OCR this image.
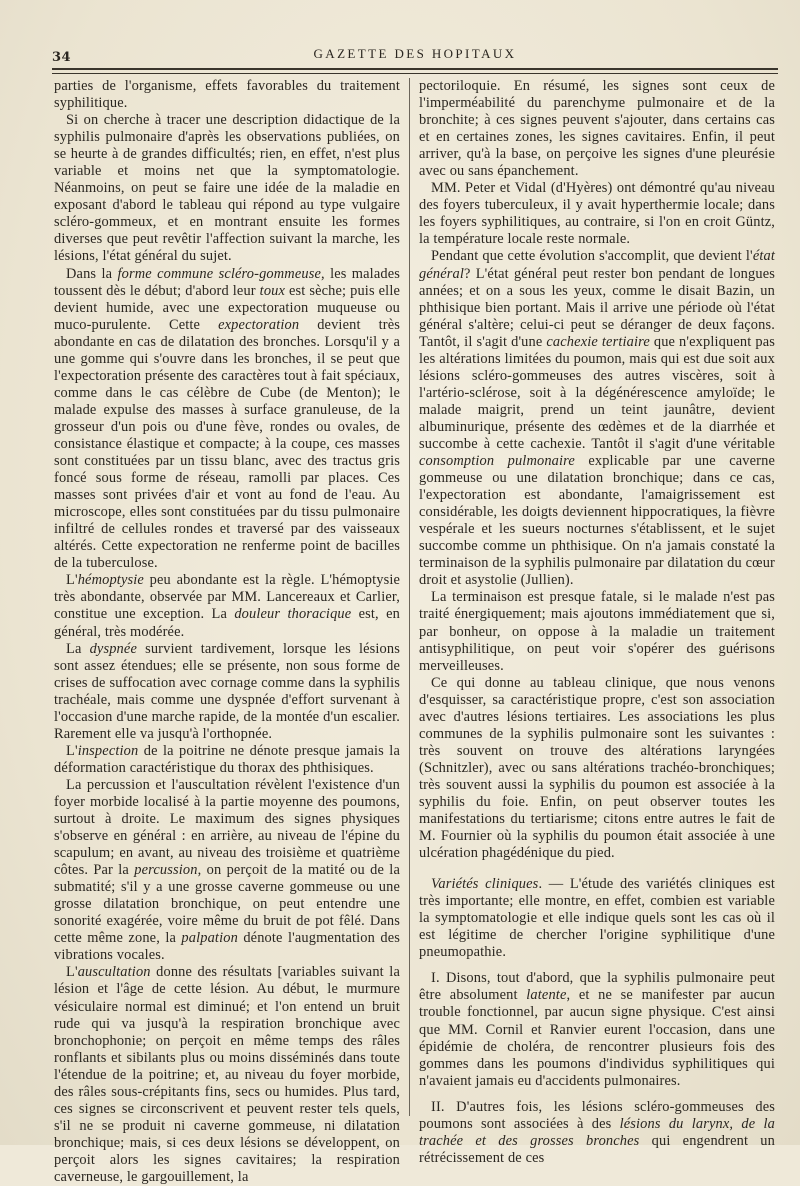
34	GAZETTE DES HOPITAUX

parties de l'organisme, effets favorables du traitement syphilitique.

Si on cherche à tracer une description didactique de la syphilis pulmonaire d'après les observations publiées, on se heurte à de grandes difficultés; rien, en effet, n'est plus variable et moins net que la symptomatologie. Néanmoins, on peut se faire une idée de la maladie en exposant d'abord le tableau qui répond au type vulgaire scléro-gommeux, et en montrant ensuite les formes diverses que peut revêtir l'affection suivant la marche, les lésions, l'état général du sujet.

Dans la forme commune scléro-gommeuse, les malades toussent dès le début; d'abord leur toux est sèche; puis elle devient humide, avec une expectoration muqueuse ou muco-purulente. Cette expectoration devient très abondante en cas de dilatation des bronches. Lorsqu'il y a une gomme qui s'ouvre dans les bronches, il se peut que l'expectoration présente des caractères tout à fait spéciaux, comme dans le cas célèbre de Cube (de Menton); le malade expulse des masses à surface granuleuse, de la grosseur d'un pois ou d'une fève, rondes ou ovales, de consistance élastique et compacte; à la coupe, ces masses sont constituées par un tissu blanc, avec des tractus gris foncé sous forme de réseau, ramolli par places. Ces masses sont privées d'air et vont au fond de l'eau. Au microscope, elles sont constituées par du tissu pulmonaire infiltré de cellules rondes et traversé par des vaisseaux altérés. Cette expectoration ne renferme point de bacilles de la tuberculose.

L'hémoptysie peu abondante est la règle. L'hémoptysie très abondante, observée par MM. Lancereaux et Carlier, constitue une exception. La douleur thoracique est, en général, très modérée.

La dyspnée survient tardivement, lorsque les lésions sont assez étendues; elle se présente, non sous forme de crises de suffocation avec cornage comme dans la syphilis trachéale, mais comme une dyspnée d'effort survenant à l'occasion d'une marche rapide, de la montée d'un escalier. Rarement elle va jusqu'à l'orthopnée.

L'inspection de la poitrine ne dénote presque jamais la déformation caractéristique du thorax des phthisiques.

La percussion et l'auscultation révèlent l'existence d'un foyer morbide localisé à la partie moyenne des poumons, surtout à droite. Le maximum des signes physiques s'observe en général : en arrière, au niveau de l'épine du scapulum; en avant, au niveau des troisième et quatrième côtes. Par la percussion, on perçoit de la matité ou de la submatité; s'il y a une grosse caverne gommeuse ou une grosse dilatation bronchique, on peut entendre une sonorité exagérée, voire même du bruit de pot fêlé. Dans cette même zone, la palpation dénote l'augmentation des vibrations vocales.

L'auscultation donne des résultats [variables suivant la lésion et l'âge de cette lésion. Au début, le murmure vésiculaire normal est diminué; et l'on entend un bruit rude qui va jusqu'à la respiration bronchique avec bronchophonie; on perçoit en même temps des râles ronflants et sibilants plus ou moins disséminés dans toute l'étendue de la poitrine; et, au niveau du foyer morbide, des râles sous-crépitants fins, secs ou humides. Plus tard, ces signes se circonscrivent et peuvent rester tels quels, s'il ne se produit ni caverne gommeuse, ni dilatation bronchique; mais, si ces deux lésions se développent, on perçoit alors les signes cavitaires; la respiration caverneuse, le gargouillement, la

pectoriloquie. En résumé, les signes sont ceux de l'imperméabilité du parenchyme pulmonaire et de la bronchite; à ces signes peuvent s'ajouter, dans certains cas et en certaines zones, les signes cavitaires. Enfin, il peut arriver, qu'à la base, on perçoive les signes d'une pleurésie avec ou sans épanchement.

MM. Peter et Vidal (d'Hyères) ont démontré qu'au niveau des foyers tuberculeux, il y avait hyperthermie locale; dans les foyers syphilitiques, au contraire, si l'on en croit Güntz, la température locale reste normale.

Pendant que cette évolution s'accomplit, que devient l'état général? L'état général peut rester bon pendant de longues années; et on a sous les yeux, comme le disait Bazin, un phthisique bien portant. Mais il arrive une période où l'état général s'altère; celui-ci peut se déranger de deux façons. Tantôt, il s'agit d'une cachexie tertiaire que n'expliquent pas les altérations limitées du poumon, mais qui est due soit aux lésions scléro-gommeuses des autres viscères, soit à l'artério-sclérose, soit à la dégénérescence amyloïde; le malade maigrit, prend un teint jaunâtre, devient albuminurique, présente des œdèmes et de la diarrhée et succombe à cette cachexie. Tantôt il s'agit d'une véritable consomption pulmonaire explicable par une caverne gommeuse ou une dilatation bronchique; dans ce cas, l'expectoration est abondante, l'amaigrissement est considérable, les doigts deviennent hippocratiques, la fièvre vespérale et les sueurs nocturnes s'établissent, et le sujet succombe comme un phthisique. On n'a jamais constaté la terminaison de la syphilis pulmonaire par dilatation du cœur droit et asystolie (Jullien).

La terminaison est presque fatale, si le malade n'est pas traité énergiquement; mais ajoutons immédiatement que si, par bonheur, on oppose à la maladie un traitement antisyphilitique, on peut voir s'opérer des guérisons merveilleuses.

Ce qui donne au tableau clinique, que nous venons d'esquisser, sa caractéristique propre, c'est son association avec d'autres lésions tertiaires. Les associations les plus communes de la syphilis pulmonaire sont les suivantes : très souvent on trouve des altérations laryngées (Schnitzler), avec ou sans altérations trachéo-bronchiques; très souvent aussi la syphilis du poumon est associée à la syphilis du foie. Enfin, on peut observer toutes les manifestations du tertiarisme; citons entre autres le fait de M. Fournier où la syphilis du poumon était associée à une ulcération phagédénique du pied.

Variétés cliniques. — L'étude des variétés cliniques est très importante; elle montre, en effet, combien est variable la symptomatologie et elle indique quels sont les cas où il est légitime de chercher l'origine syphilitique d'une pneumopathie.

I. Disons, tout d'abord, que la syphilis pulmonaire peut être absolument latente, et ne se manifester par aucun trouble fonctionnel, par aucun signe physique. C'est ainsi que MM. Cornil et Ranvier eurent l'occasion, dans une épidémie de choléra, de rencontrer plusieurs fois des gommes dans les poumons d'individus syphilitiques qui n'avaient jamais eu d'accidents pulmonaires.

II. D'autres fois, les lésions scléro-gommeuses des poumons sont associées à des lésions du larynx, de la trachée et des grosses bronches qui engendrent un rétrécissement de ces
